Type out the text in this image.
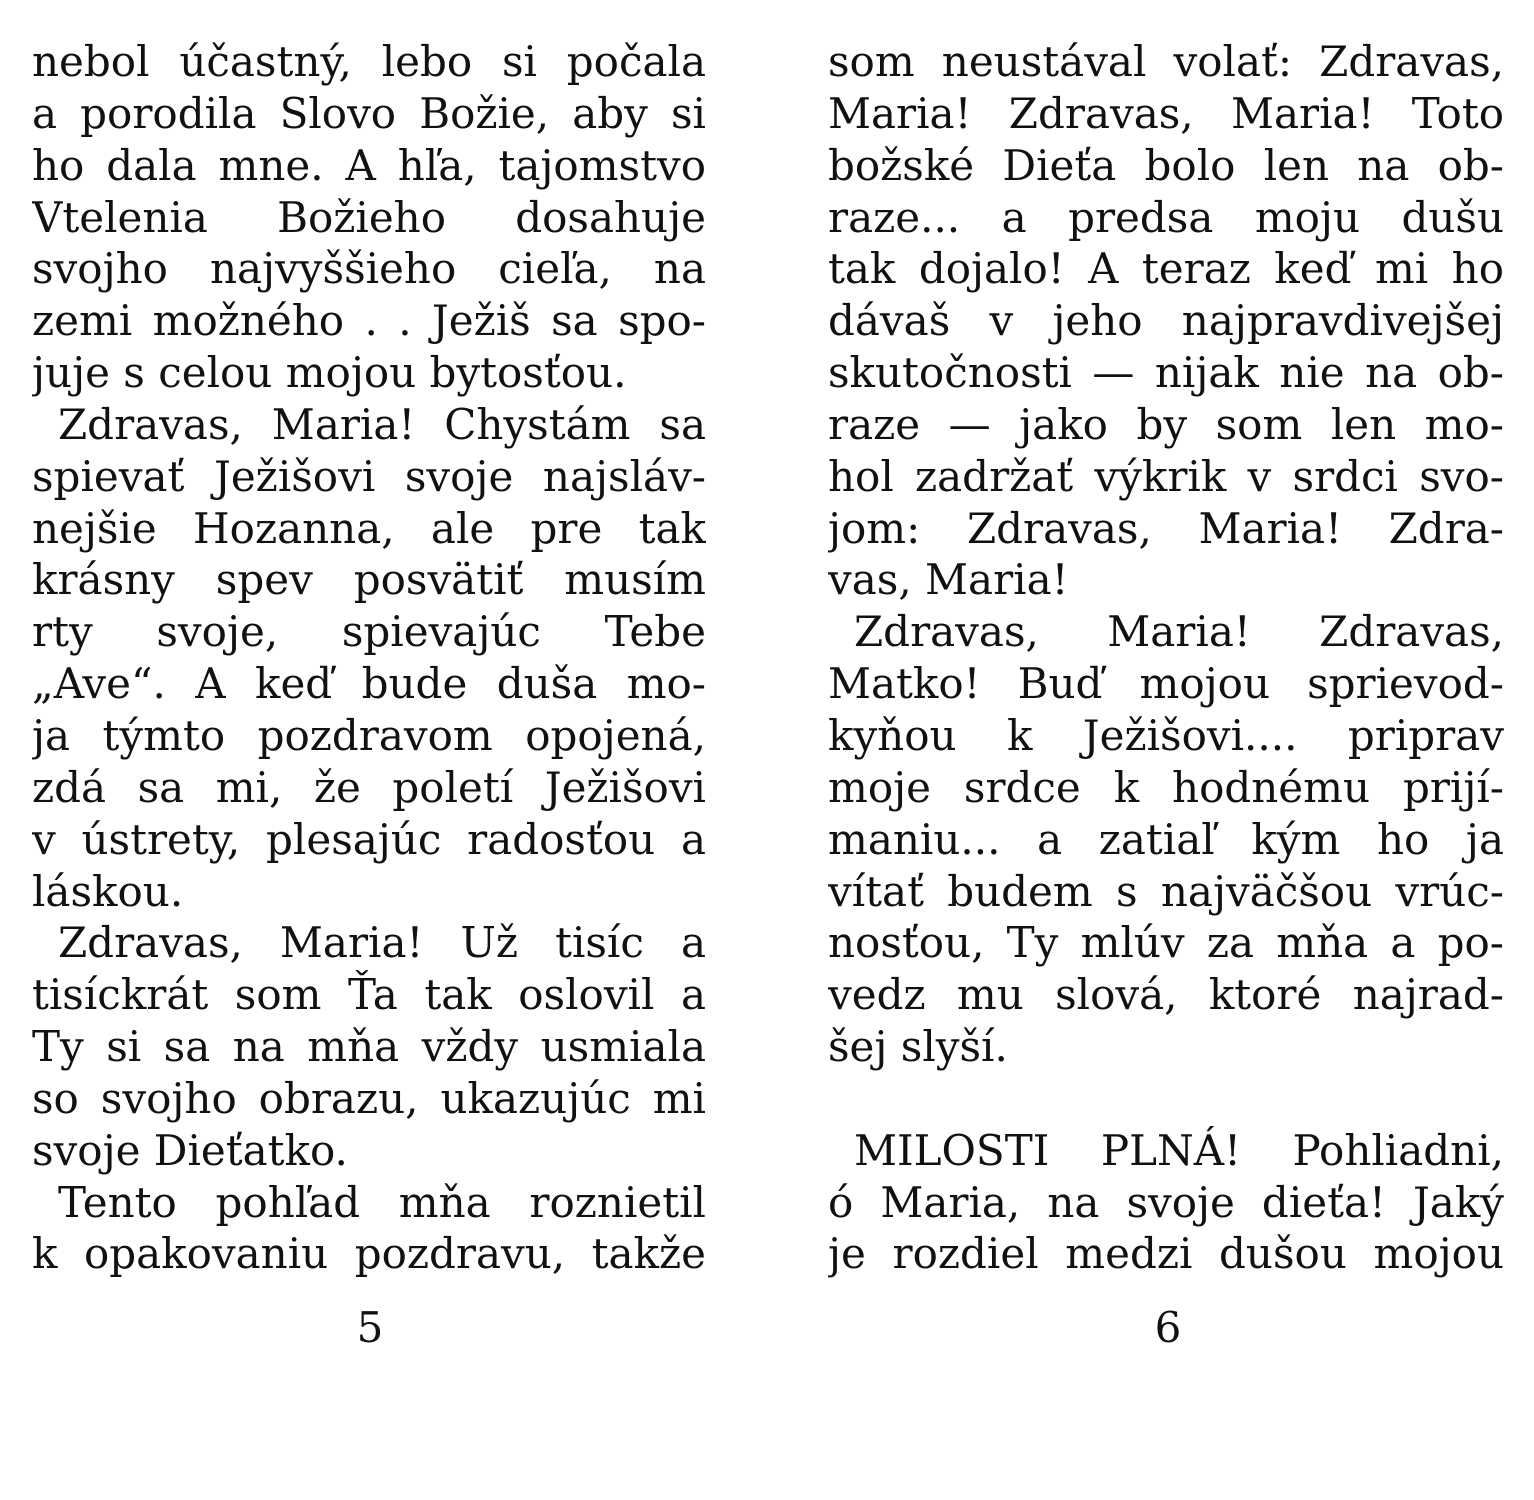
nebol účastný, lebo si počala
a porodila Slovo Božie, aby si
ho dala mne. A hľa, tajomstvo
Vtelenia Božieho dosahuje
svojho najvyššieho cieľa, na
zemi možného . . Ježiš sa spo-
juje s celou mojou bytosťou.
Zdravas, Maria! Chystám sa
spievať Ježišovi svoje najsláv-
nejšie Hozanna, ale pre tak
krásny spev posvätiť musím
rty svoje, spievajúc Tebe
„Ave“. A keď bude duša mo-
ja týmto pozdravom opojená,
zdá sa mi, že poletí Ježišovi
v ústrety, plesajúc radosťou a
láskou.
Zdravas, Maria! Už tisíc a
tisíckrát som Ťa tak oslovil a
Ty si sa na mňa vždy usmiala
so svojho obrazu, ukazujúc mi
svoje Dieťatko.
Tento pohľad mňa roznietil
k opakovaniu pozdravu, takže
5
som neustával volať: Zdravas,
Maria! Zdravas, Maria! Toto
božské Dieťa bolo len na ob-
raze... a predsa moju dušu
tak dojalo! A teraz keď mi ho
dávaš v jeho najpravdivejšej
skutočnosti — nijak nie na ob-
raze — jako by som len mo-
hol zadržať výkrik v srdci svo-
jom: Zdravas, Maria! Zdra-
vas, Maria!
Zdravas, Maria! Zdravas,
Matko! Buď mojou sprievod-
kyňou k Ježišovi.... priprav
moje srdce k hodnému prijí-
maniu... a zatiaľ kým ho ja
vítať budem s najväčšou vrúc-
nosťou, Ty mlúv za mňa a po-
vedz mu slová, ktoré najrad-
šej slyší.
MILOSTI PLNÁ! Pohliadni,
ó Maria, na svoje dieťa! Jaký
je rozdiel medzi dušou mojou
6
